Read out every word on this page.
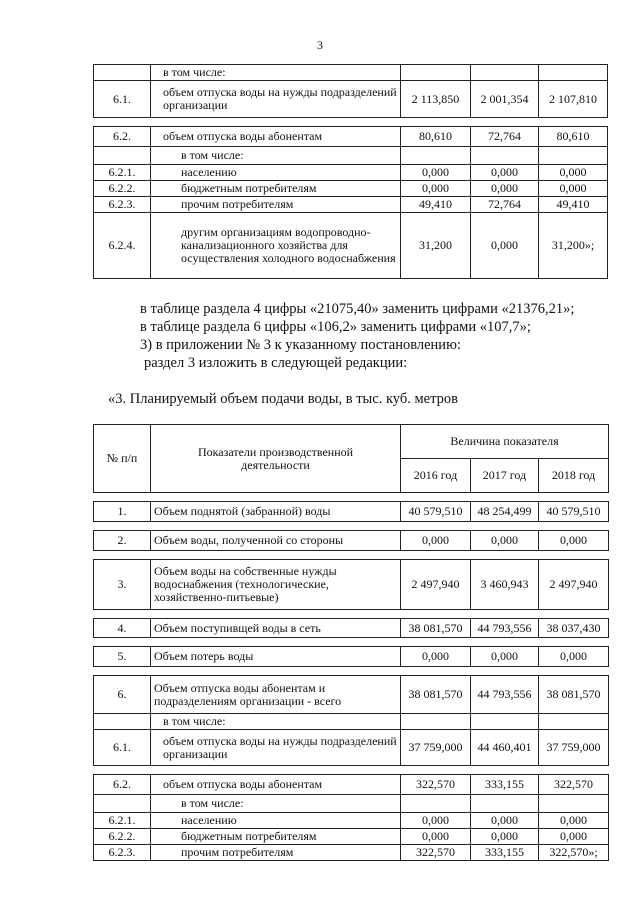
3
	в том числе:			
6.1.	объем отпуска воды на нужды подразделений организации	2 113,850	2 001,354	2 107,810

6.2.	объем отпуска воды абонентам	80,610	72,764	80,610
	в том числе:			
6.2.1.	населению	0,000	0,000	0,000
6.2.2.	бюджетным потребителям	0,000	0,000	0,000
6.2.3.	прочим потребителям	49,410	72,764	49,410
6.2.4.	другим организациям водопроводно-канализационного хозяйства для осуществления холодного водоснабжения	31,200	0,000	31,200»;

в таблице раздела 4 цифры «21075,40» заменить цифрами «21376,21»;

в таблице раздела 6 цифры «106,2» заменить цифрами «107,7»;

3) в приложении № 3 к указанному постановлению:

раздел 3 изложить в следующей редакции:

«3. Планируемый объем подачи воды, в тыс. куб. метров

№ п/п	Показатели производственной деятельности	Величина показателя		
		2016 год	2017 год	2018 год

1.	Объем поднятой (забранной) воды	40 579,510	48 254,499	40 579,510

2.	Объем воды, полученной со стороны	0,000	0,000	0,000

3.	Объем воды на собственные нужды водоснабжения (технологические, хозяйственно-питьевые)	2 497,940	3 460,943	2 497,940

4.	Объем поступивщей воды в сеть	38 081,570	44 793,556	38 037,430

5.	Объем потерь воды	0,000	0,000	0,000

6.	Объем отпуска воды абонентам и подразделениям организации - всего	38 081,570	44 793,556	38 081,570
	в том числе:			
6.1.	объем отпуска воды на нужды подразделений организации	37 759,000	44 460,401	37 759,000

6.2.	объем отпуска воды абонентам	322,570	333,155	322,570
	в том числе:			
6.2.1.	населению	0,000	0,000	0,000
6.2.2.	бюджетным потребителям	0,000	0,000	0,000
6.2.3.	прочим потребителям	322,570	333,155	322,570»;
